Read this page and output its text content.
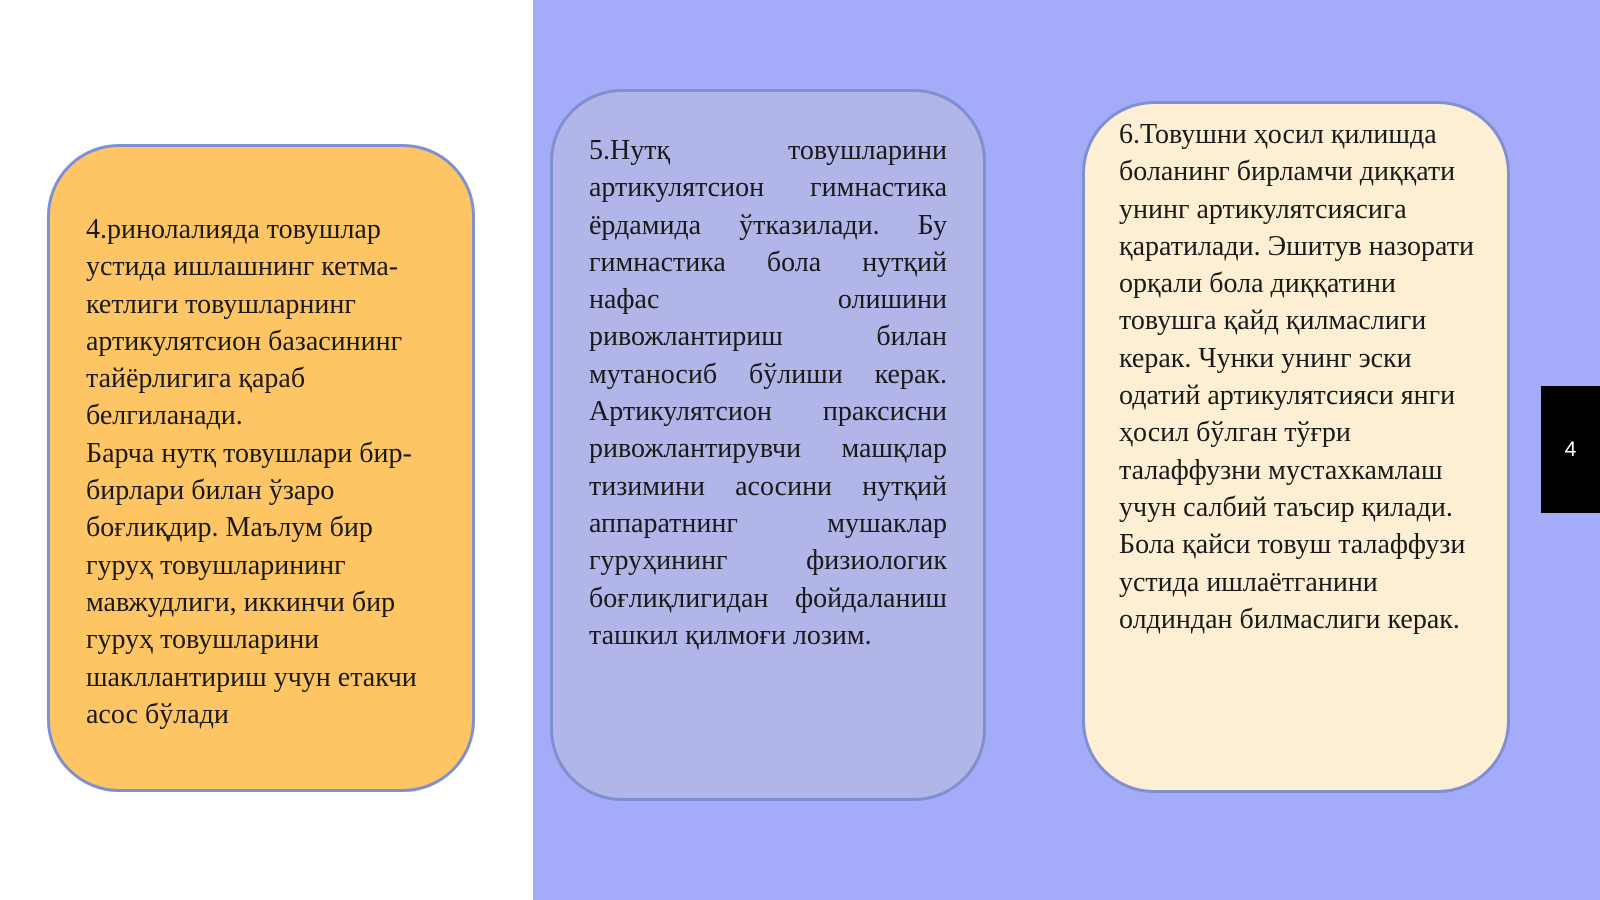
4.ринолалияда товушлар устида ишлашнинг кетма-кетлиги товушларнинг артикулятсион базасининг тайёрлигига қараб белгиланади.

Барча нутқ товушлари бир-бирлари билан ўзаро боғлиқдир. Маълум бир гуруҳ товушларининг мавжудлиги, иккинчи бир гуруҳ товушларини шакллантириш учун етакчи асос бўлади

5.Нутқ товушларини артикулятсион гимнастика ёрдамида ўтказилади. Бу гимнастика бола нутқий нафас олишини ривожлантириш билан мутаносиб бўлиши керак. Артикулятсион праксисни ривожлантирувчи машқлар тизимини асосини нутқий аппаратнинг мушаклар гуруҳининг физиологик боғлиқлигидан фойдаланиш ташкил қилмоғи лозим.

6.Товушни ҳосил қилишда боланинг бирламчи диққати унинг артикулятсиясига қаратилади. Эшитув назорати орқали бола диққатини товушга қайд қилмаслиги керак. Чунки унинг эски одатий артикулятсияси янги ҳосил бўлган тўғри талаффузни мустахкамлаш учун салбий таъсир қилади. Бола қайси товуш талаффузи устида ишлаётганини олдиндан билмаслиги керак.

4
